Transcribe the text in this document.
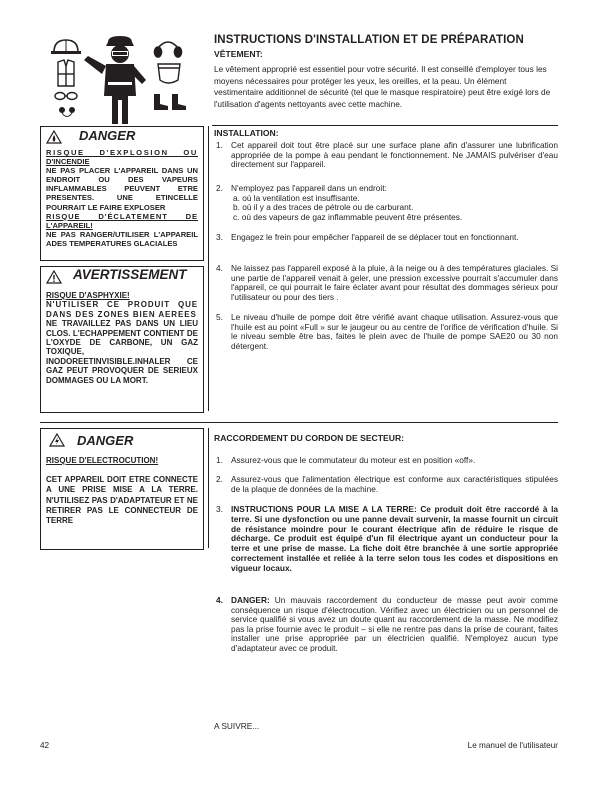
INSTRUCTIONS D'INSTALLATION ET DE PRÉPARATION
VÊTEMENT:
Le vêtement approprié est essentiel pour votre sécurité. Il est conseillé d'employer tous les moyens nécessaires pour protéger les yeux, les oreilles, et la peau. Un élément vestimentaire additionnel de sécurité (tel que le masque respiratoire) peut être exigé lors de l'utilisation d'agents nettoyants avec cette machine.
DANGER
RISQUE D'EXPLOSION OU
D'INCENDIE
NE PAS PLACER L'APPAREIL DANS UN ENDROIT OU DES VAPEURS INFLAMMABLES PEUVENT ETRE PRESENTES. UNE ETINCELLE POURRAIT LE FAIRE EXPLOSER
RISQUE D'ÉCLATEMENT DE
L'APPAREIL!
NE PAS RANGER/UTILISER L'APPAREIL ADES TEMPERATURES GLACIALES
AVERTISSEMENT
RISQUE D'ASPHYXIE!
N'UTILISER CE PRODUIT QUE DANS DES ZONES BIEN AEREES
NE TRAVAILLEZ PAS DANS UN LIEU CLOS. L'ECHAPPEMENT CONTIENT DE L'OXYDE DE CARBONE, UN GAZ TOXIQUE, INODOREETINVISIBLE.INHALER CE GAZ PEUT PROVOQUER DE SERIEUX DOMMAGES OU LA MORT.
INSTALLATION:
1. Cet appareil doit tout être placé sur une surface plane afin d'assurer une lubrification appropriée de la pompe à eau pendant le fonctionnement. Ne JAMAIS pulvériser d'eau directement sur l'appareil.
2. N'employez pas l'appareil dans un endroit:
a. où la ventilation est insuffisante.
b. où il y a des traces de pétrole ou de carburant.
c. où des vapeurs de gaz inflammable peuvent être présentes.
3. Engagez le frein pour empêcher l'appareil de se déplacer tout en fonctionnant.
4. Ne laissez pas l'appareil exposé à la pluie, à la neige ou à des températures glaciales. Si une partie de l'appareil venait à geler, une pression excessive pourrait s'accumuler dans l'appareil, ce qui pourrait le faire éclater avant pour résultat des dommages sérieux pour l'utilisateur ou pour des tiers .
5. Le niveau d'huile de pompe doit être vérifié avant chaque utilisation. Assurez-vous que l'huile est au point «Full » sur le jaugeur ou au centre de l'orifice de vérification d'huile. Si le niveau semble être bas, faites le plein avec de l'huile de pompe SAE20 ou 30 non détergent.
DANGER
RISQUE D'ELECTROCUTION!
CET APPAREIL DOIT ETRE CONNECTE A UNE PRISE MISE A LA TERRE. N'UTILISEZ PAS D'ADAPTATEUR ET NE RETIRER PAS LE CONNECTEUR DE TERRE
RACCORDEMENT DU CORDON DE SECTEUR:
1. Assurez-vous que le commutateur du moteur est en position «off».
2. Assurez-vous que l'alimentation électrique est conforme aux caractéristiques stipulées de la plaque de données de la machine.
3. INSTRUCTIONS POUR LA MISE A LA TERRE: Ce produit doit être raccordé à la terre. Si une dysfonction ou une panne devait survenir, la masse fournit un circuit de résistance moindre pour le courant électrique afin de réduire le risque de décharge. Ce produit est équipé d'un fil électrique ayant un conducteur pour la terre et une prise de masse. La fiche doit être branchée à une sortie appropriée correctement installée et reliée à la terre selon tous les codes et dispositions en vigueur locaux.
4. DANGER: Un mauvais raccordement du conducteur de masse peut avoir comme conséquence un risque d'électrocution. Vérifiez avec un électricien ou un personnel de service qualifié si vous avez un doute quant au raccordement de la masse. Ne modifiez pas la prise fournie avec le produit – si elle ne rentre pas dans la prise de courant, faites installer une prise appropriée par un électricien qualifié. N'employez aucun type d'adaptateur avec ce produit.
A SUIVRE...
42	Le manuel de l'utilisateur
